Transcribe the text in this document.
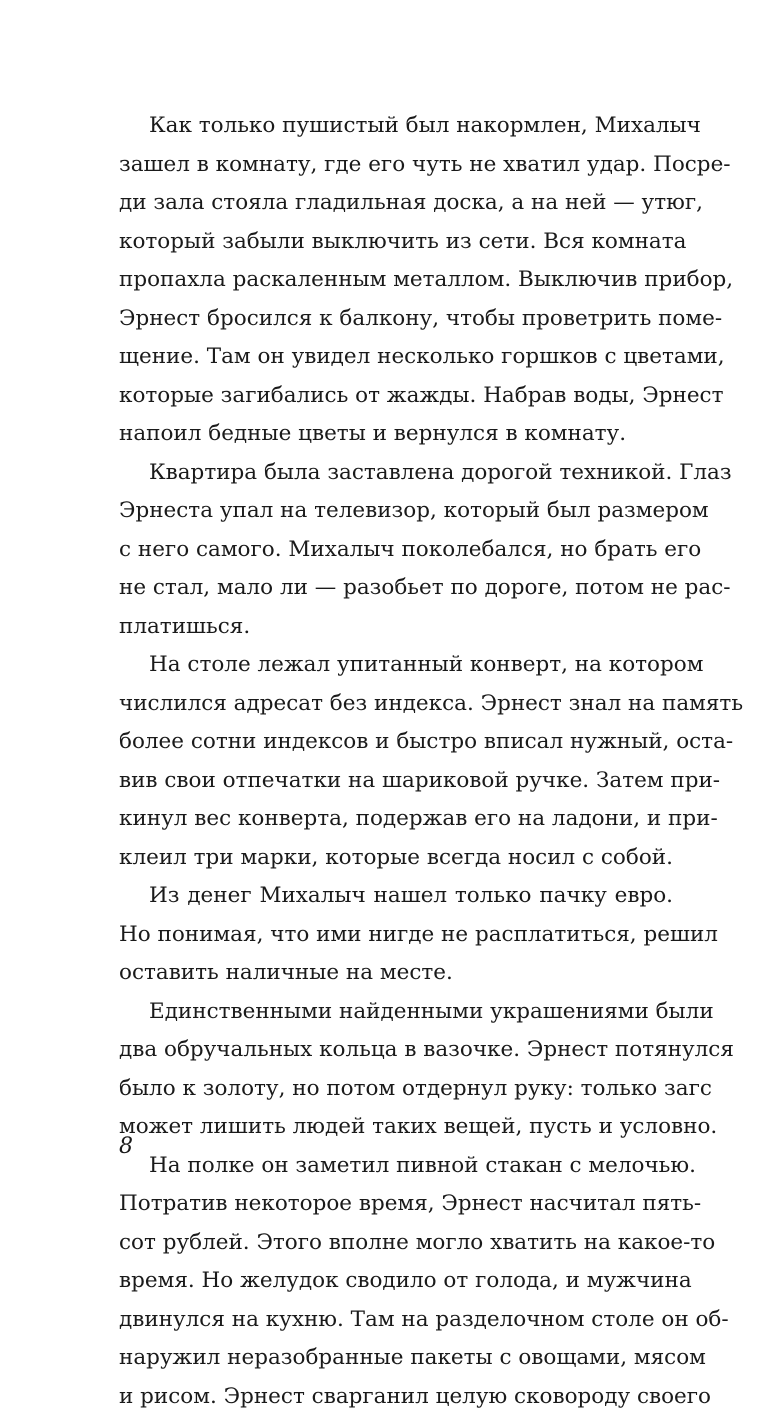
Как только пушистый был накормлен, Михалыч
зашел в комнату, где его чуть не хватил удар. Посре-
ди зала стояла гладильная доска, а на ней — утюг,
который забыли выключить из сети. Вся комната
пропахла раскаленным металлом. Выключив прибор,
Эрнест бросился к балкону, чтобы проветрить поме-
щение. Там он увидел несколько горшков с цветами,
которые загибались от жажды. Набрав воды, Эрнест
напоил бедные цветы и вернулся в комнату.
Квартира была заставлена дорогой техникой. Глаз
Эрнеста упал на телевизор, который был размером
с него самого. Михалыч поколебался, но брать его
не стал, мало ли — разобьет по дороге, потом не рас-
платишься.
На столе лежал упитанный конверт, на котором
числился адресат без индекса. Эрнест знал на память
более сотни индексов и быстро вписал нужный, оста-
вив свои отпечатки на шариковой ручке. Затем при-
кинул вес конверта, подержав его на ладони, и при-
клеил три марки, которые всегда носил с собой.
Из денег Михалыч нашел только пачку евро.
Но понимая, что ими нигде не расплатиться, решил
оставить наличные на месте.
Единственными найденными украшениями были
два обручальных кольца в вазочке. Эрнест потянулся
было к золоту, но потом отдернул руку: только загс
может лишить людей таких вещей, пусть и условно.
На полке он заметил пивной стакан с мелочью.
Потратив некоторое время, Эрнест насчитал пять-
сот рублей. Этого вполне могло хватить на какое-то
время. Но желудок сводило от голода, и мужчина
двинулся на кухню. Там на разделочном столе он об-
наружил неразобранные пакеты с овощами, мясом
и рисом. Эрнест сварганил целую сковороду своего
8
